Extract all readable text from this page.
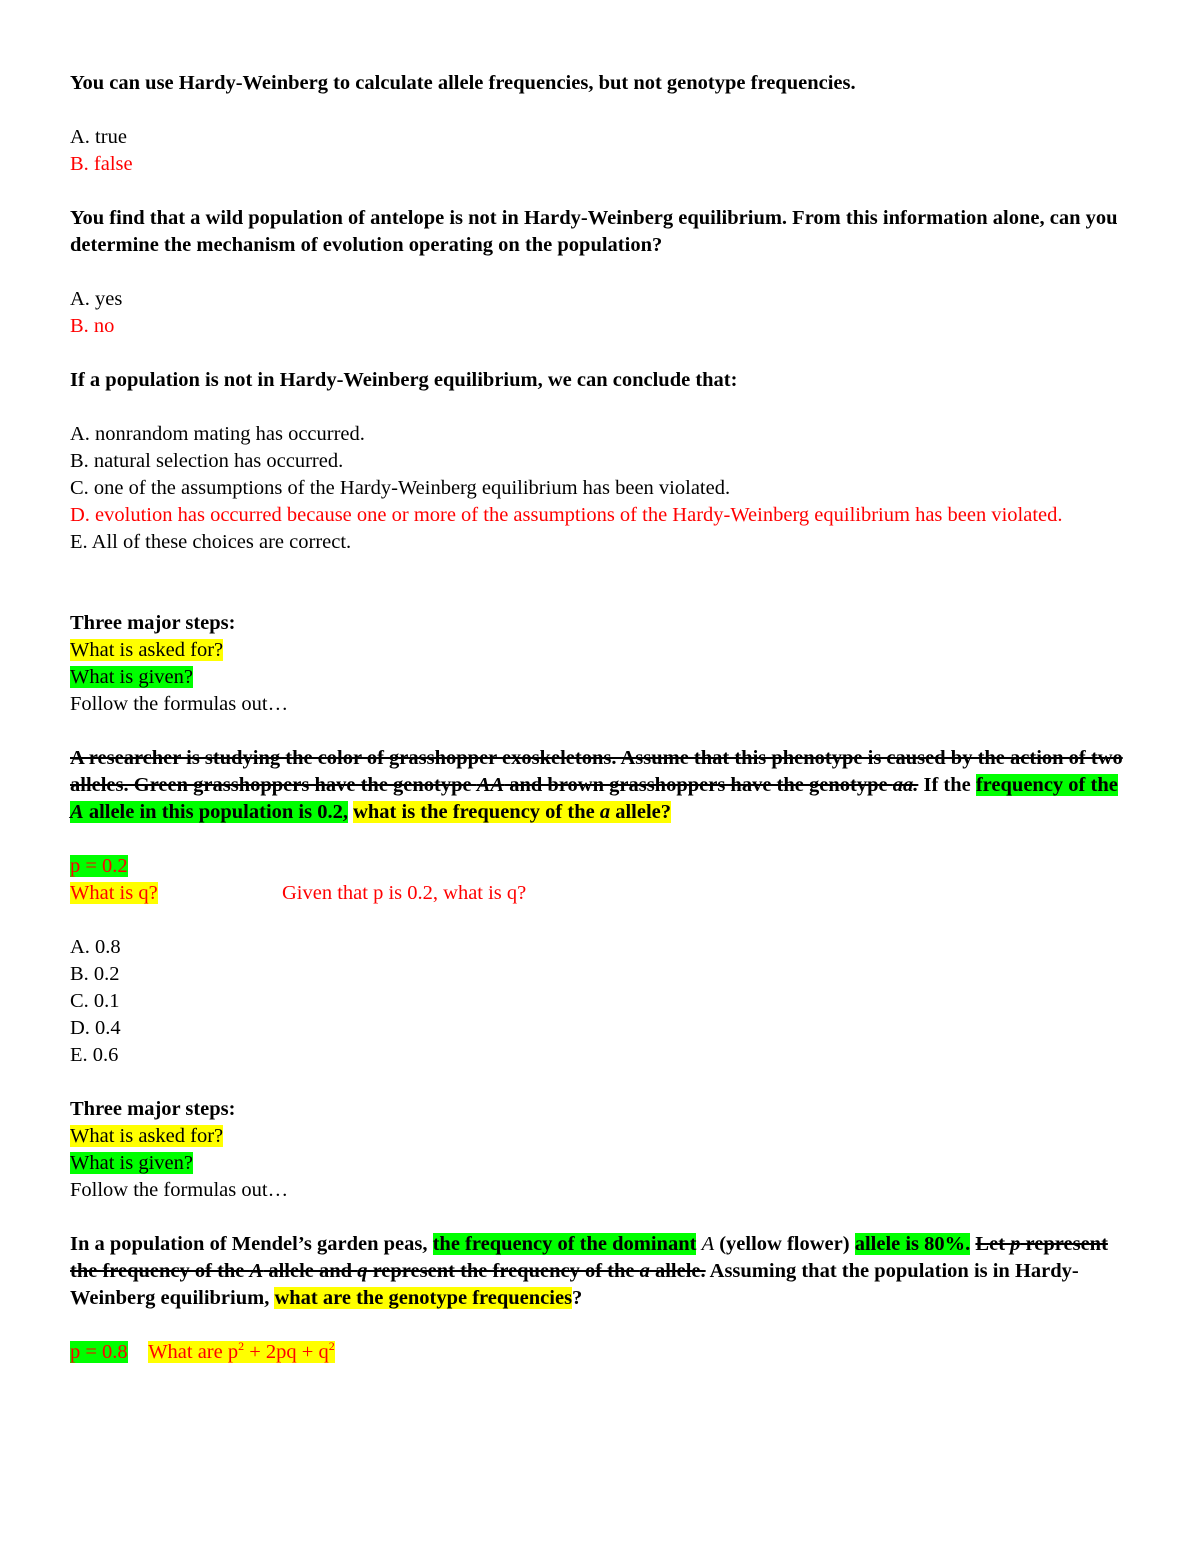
You can use Hardy-Weinberg to calculate allele frequencies, but not genotype frequencies.

A. true

B. false

You find that a wild population of antelope is not in Hardy-Weinberg equilibrium. From this information alone, can you determine the mechanism of evolution operating on the population?

A. yes

B. no

If a population is not in Hardy-Weinberg equilibrium, we can conclude that:

A. nonrandom mating has occurred.

B. natural selection has occurred.

C. one of the assumptions of the Hardy-Weinberg equilibrium has been violated.

D. evolution has occurred because one or more of the assumptions of the Hardy-Weinberg equilibrium has been violated.

E. All of these choices are correct.

Three major steps:

What is asked for?

What is given?

Follow the formulas out…

A researcher is studying the color of grasshopper exoskeletons. Assume that this phenotype is caused by the action of two alleles. Green grasshoppers have the genotype AA and brown grasshoppers have the genotype aa. If the frequency of the A allele in this population is 0.2, what is the frequency of the a allele?

p = 0.2

What is q?	Given that p is 0.2, what is q?

A. 0.8

B. 0.2

C. 0.1

D. 0.4

E. 0.6

Three major steps:

What is asked for?

What is given?

Follow the formulas out…

In a population of Mendel’s garden peas, the frequency of the dominant A (yellow flower) allele is 80%. Let p represent the frequency of the A allele and q represent the frequency of the a allele. Assuming that the population is in Hardy-Weinberg equilibrium, what are the genotype frequencies?

p = 0.8 What are $p^2 + 2pq + q^2$
